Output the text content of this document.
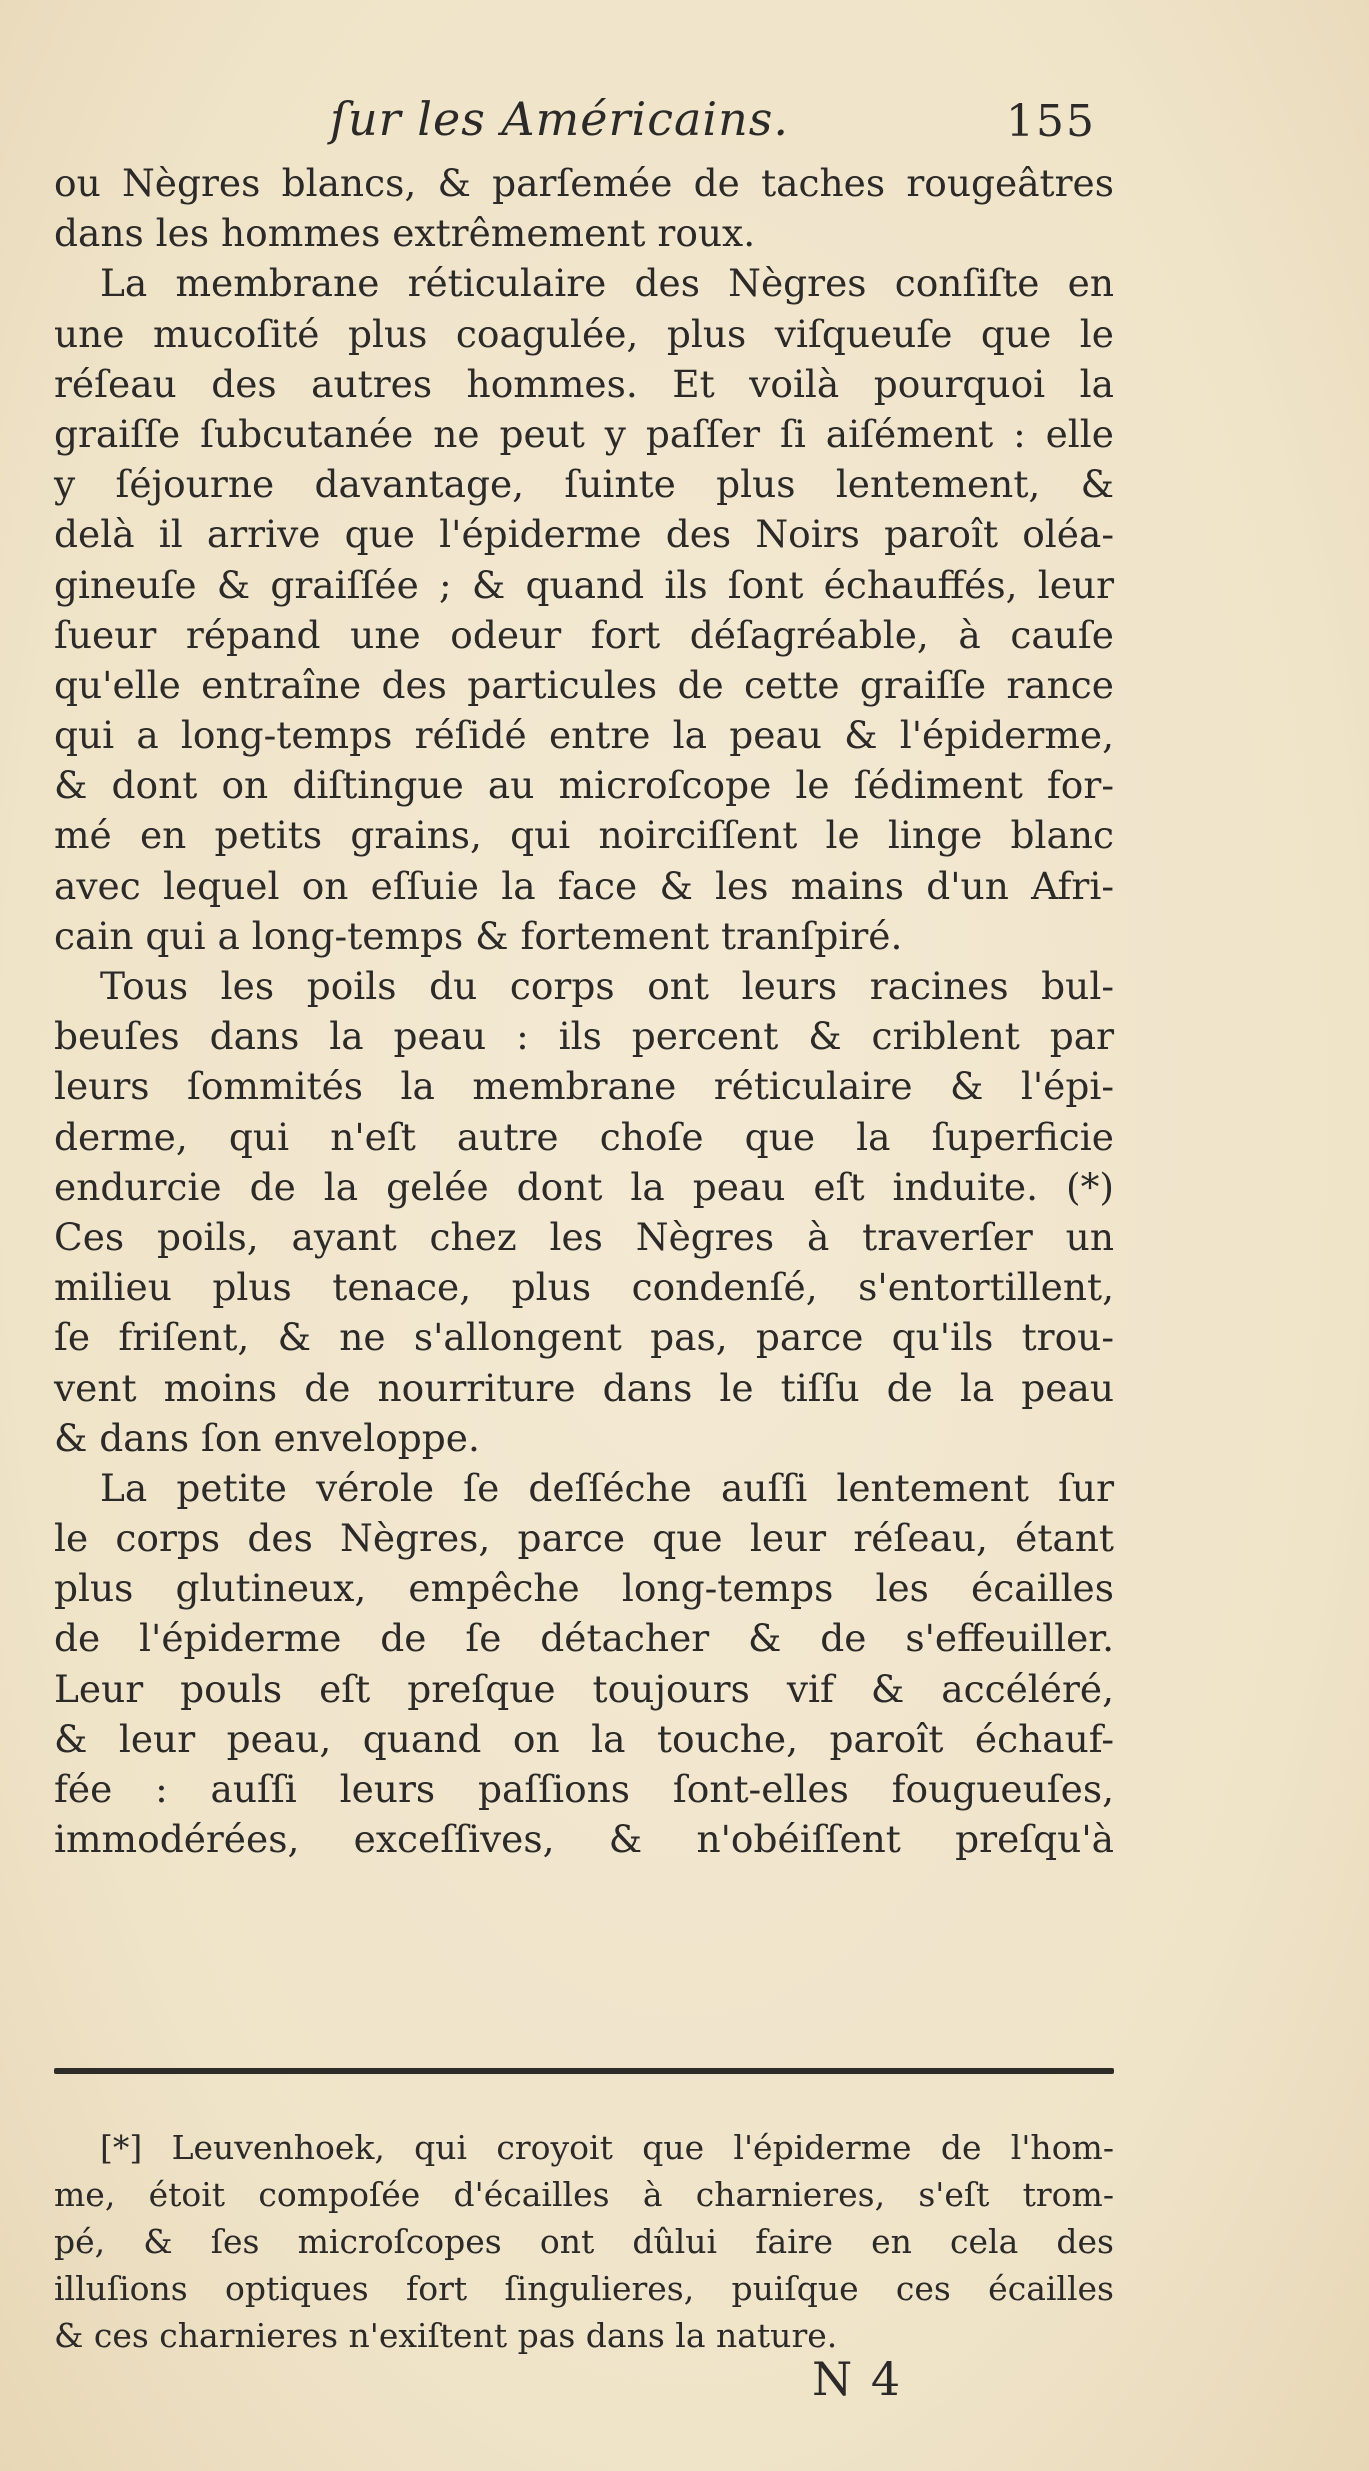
ſur les Américains.	155
ou Nègres blancs, & parſemée de taches rougeâtres
dans les hommes extrêmement roux.
La membrane réticulaire des Nègres conſiſte en
une mucoſité plus coagulée, plus viſqueuſe que le
réſeau des autres hommes. Et voilà pourquoi la
graiſſe ſubcutanée ne peut y paſſer ſi aiſément : elle
y ſéjourne davantage, ſuinte plus lentement, &
delà il arrive que l'épiderme des Noirs paroît oléa-
gineuſe & graiſſée ; & quand ils ſont échauffés, leur
ſueur répand une odeur fort déſagréable, à cauſe
qu'elle entraîne des particules de cette graiſſe rance
qui a long-temps réſidé entre la peau & l'épiderme,
& dont on diſtingue au microſcope le ſédiment for-
mé en petits grains, qui noirciſſent le linge blanc
avec lequel on eſſuie la face & les mains d'un Afri-
cain qui a long-temps & fortement tranſpiré.
Tous les poils du corps ont leurs racines bul-
beuſes dans la peau : ils percent & criblent par
leurs ſommités la membrane réticulaire & l'épi-
derme, qui n'eſt autre choſe que la ſuperficie
endurcie de la gelée dont la peau eſt induite. (*)
Ces poils, ayant chez les Nègres à traverſer un
milieu plus tenace, plus condenſé, s'entortillent,
ſe friſent, & ne s'allongent pas, parce qu'ils trou-
vent moins de nourriture dans le tiſſu de la peau
& dans ſon enveloppe.
La petite vérole ſe deſſéche auſſi lentement ſur
le corps des Nègres, parce que leur réſeau, étant
plus glutineux, empêche long-temps les écailles
de l'épiderme de ſe détacher & de s'effeuiller.
Leur pouls eſt preſque toujours vif & accéléré,
& leur peau, quand on la touche, paroît échauf-
fée : auſſi leurs paſſions ſont-elles fougueuſes,
immodérées, exceſſives, & n'obéiſſent preſqu'à
[*] Leuvenhoek, qui croyoit que l'épiderme de l'hom-
me, étoit compoſée d'écailles à charnieres, s'eſt trom-
pé, & ſes microſcopes ont dûlui faire en cela des
illuſions optiques fort ſingulieres, puiſque ces écailles
& ces charnieres n'exiſtent pas dans la nature.
N 4
